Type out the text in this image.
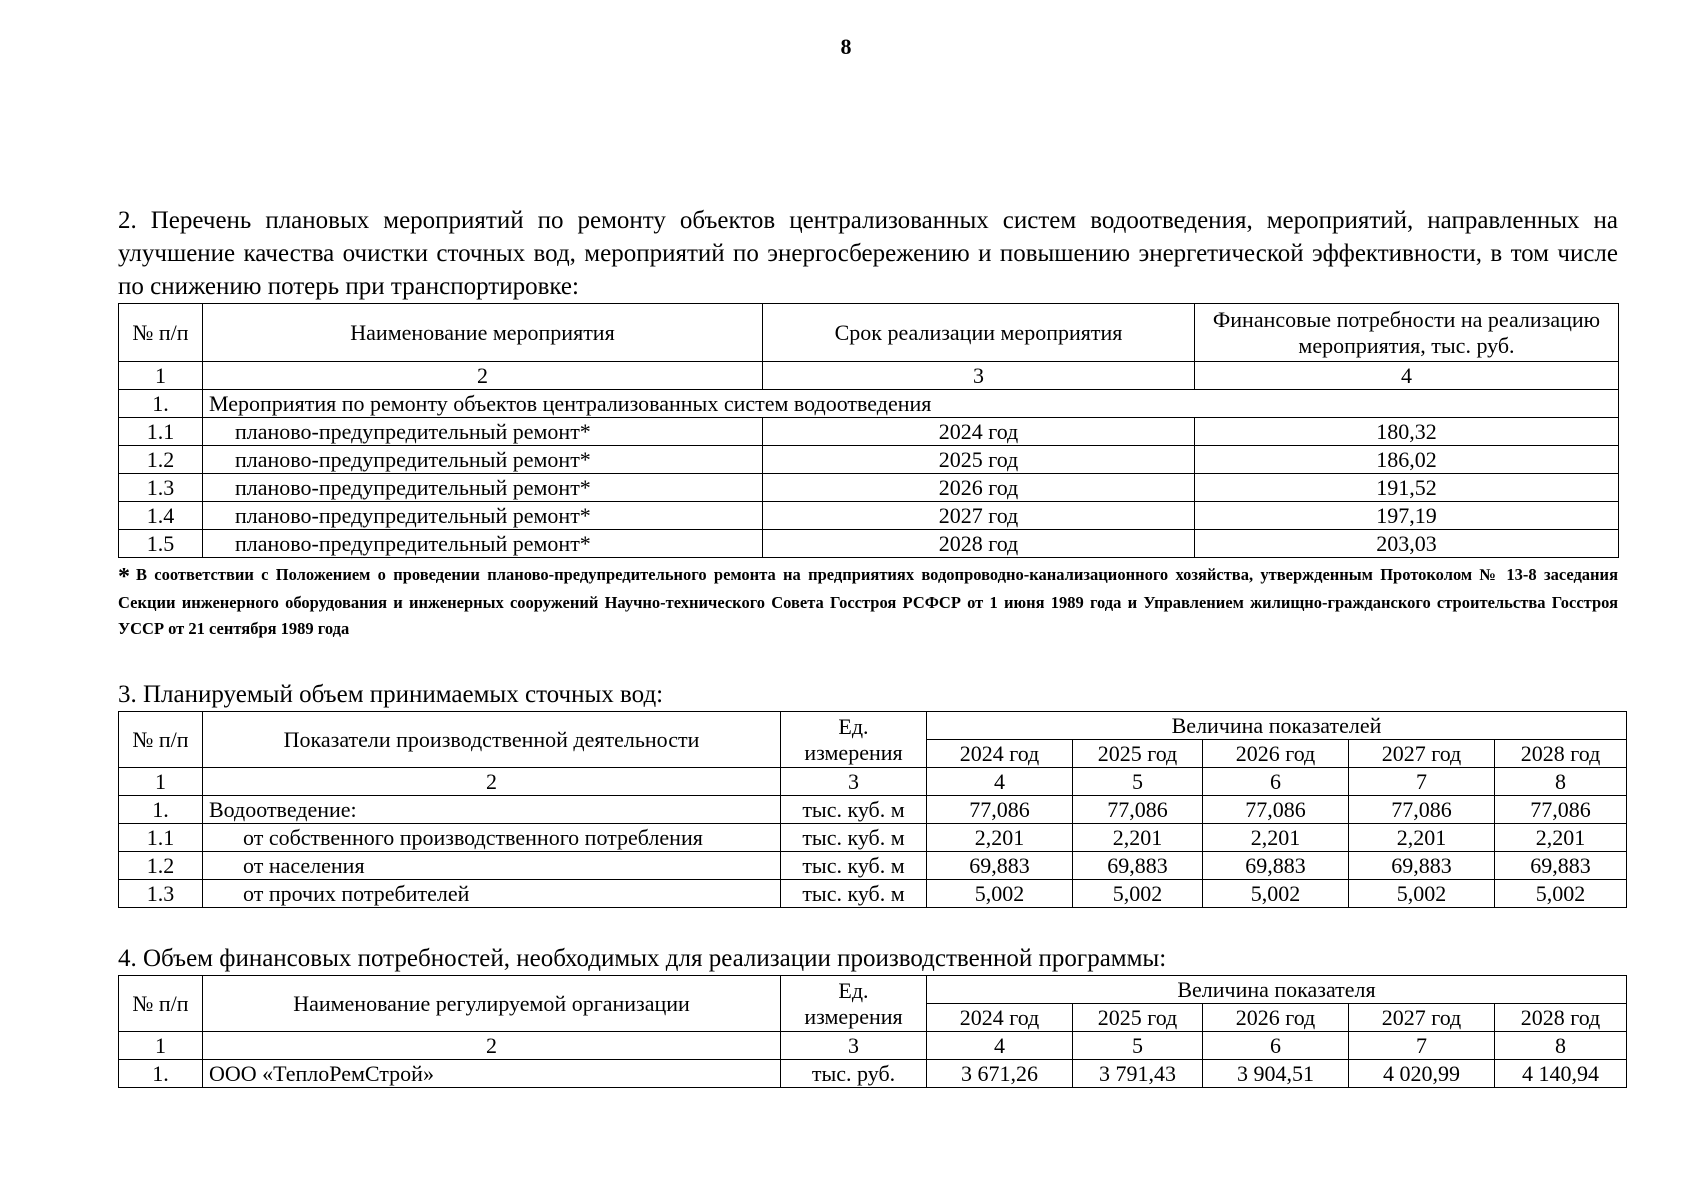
8

2. Перечень плановых мероприятий по ремонту объектов централизованных систем водоотведения, мероприятий, направленных на улучшение качества очистки сточных вод, мероприятий по энергосбережению и повышению энергетической эффективности, в том числе по снижению потерь при транспортировке:

№ п/п	Наименование мероприятия	Срок реализации мероприятия	Финансовые потребности на реализацию мероприятия, тыс. руб.
1	2	3	4
1.	Мероприятия по ремонту объектов централизованных систем водоотведения		
1.1	планово-предупредительный ремонт*	2024 год	180,32
1.2	планово-предупредительный ремонт*	2025 год	186,02
1.3	планово-предупредительный ремонт*	2026 год	191,52
1.4	планово-предупредительный ремонт*	2027 год	197,19
1.5	планово-предупредительный ремонт*	2028 год	203,03
* В соответствии с Положением о проведении планово-предупредительного ремонта на предприятиях водопроводно-канализационного хозяйства, утвержденным Протоколом № 13-8 заседания Секции инженерного оборудования и инженерных сооружений Научно-технического Совета Госстроя РСФСР от 1 июня 1989 года и Управлением жилищно-гражданского строительства Госстроя УССР от 21 сентября 1989 года

3. Планируемый объем принимаемых сточных вод:

№ п/п	Показатели производственной деятельности	Ед. измерения	Величина показателей				
			2024 год	2025 год	2026 год	2027 год	2028 год
1	2	3	4	5	6	7	8
1.	Водоотведение:	тыс. куб. м	77,086	77,086	77,086	77,086	77,086
1.1	от собственного производственного потребления	тыс. куб. м	2,201	2,201	2,201	2,201	2,201
1.2	от населения	тыс. куб. м	69,883	69,883	69,883	69,883	69,883
1.3	от прочих потребителей	тыс. куб. м	5,002	5,002	5,002	5,002	5,002

4. Объем финансовых потребностей, необходимых для реализации производственной программы:

№ п/п	Наименование регулируемой организации	Ед. измерения	Величина показателя				
			2024 год	2025 год	2026 год	2027 год	2028 год
1	2	3	4	5	6	7	8
1.	ООО «ТеплоРемСтрой»	тыс. руб.	3 671,26	3 791,43	3 904,51	4 020,99	4 140,94
